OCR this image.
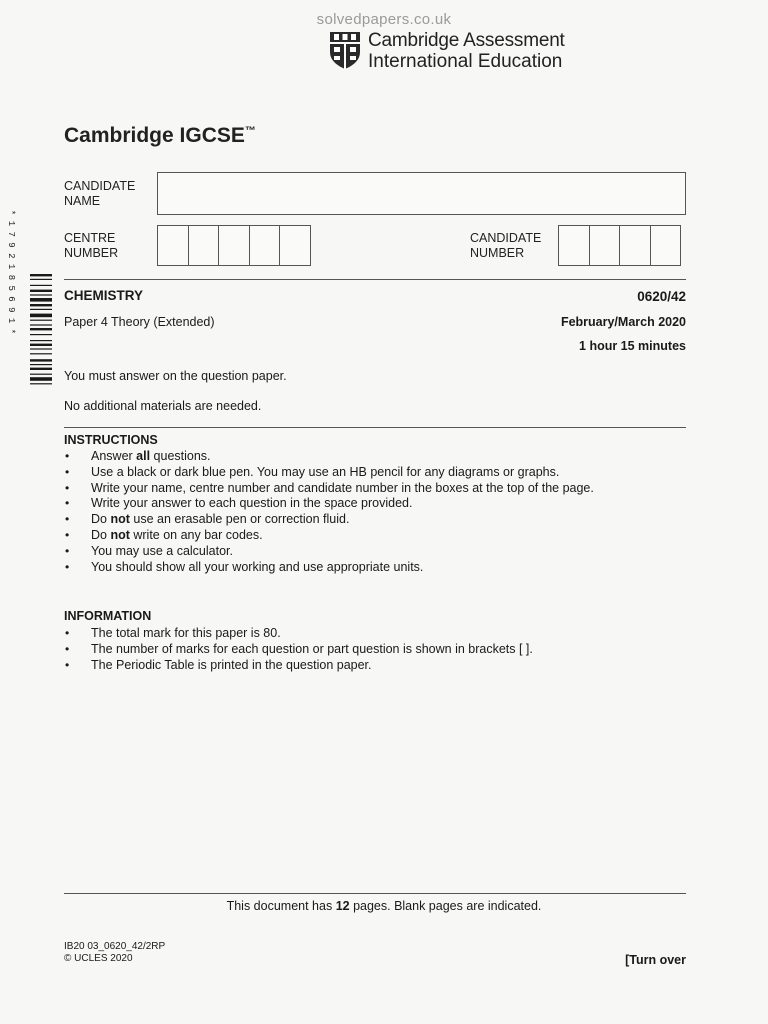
solvedpapers.co.uk
Cambridge Assessment
International Education
Cambridge IGCSE™
CANDIDATE
NAME
CENTRE
NUMBER
CANDIDATE
NUMBER
* 1 7 9 2 1 8 5 6 9 1 *	CHEMISTRY	0620/42
Paper 4 Theory (Extended)	February/March 2020
1 hour 15 minutes
You must answer on the question paper.
No additional materials are needed.
INSTRUCTIONS
• Answer all questions.
• Use a black or dark blue pen. You may use an HB pencil for any diagrams or graphs.
• Write your name, centre number and candidate number in the boxes at the top of the page.
• Write your answer to each question in the space provided.
• Do not use an erasable pen or correction fluid.
• Do not write on any bar codes.
• You may use a calculator.
• You should show all your working and use appropriate units.
INFORMATION
• The total mark for this paper is 80.
• The number of marks for each question or part question is shown in brackets [ ].
• The Periodic Table is printed in the question paper.
This document has 12 pages. Blank pages are indicated.
IB20 03_0620_42/2RP
© UCLES 2020	[Turn over
